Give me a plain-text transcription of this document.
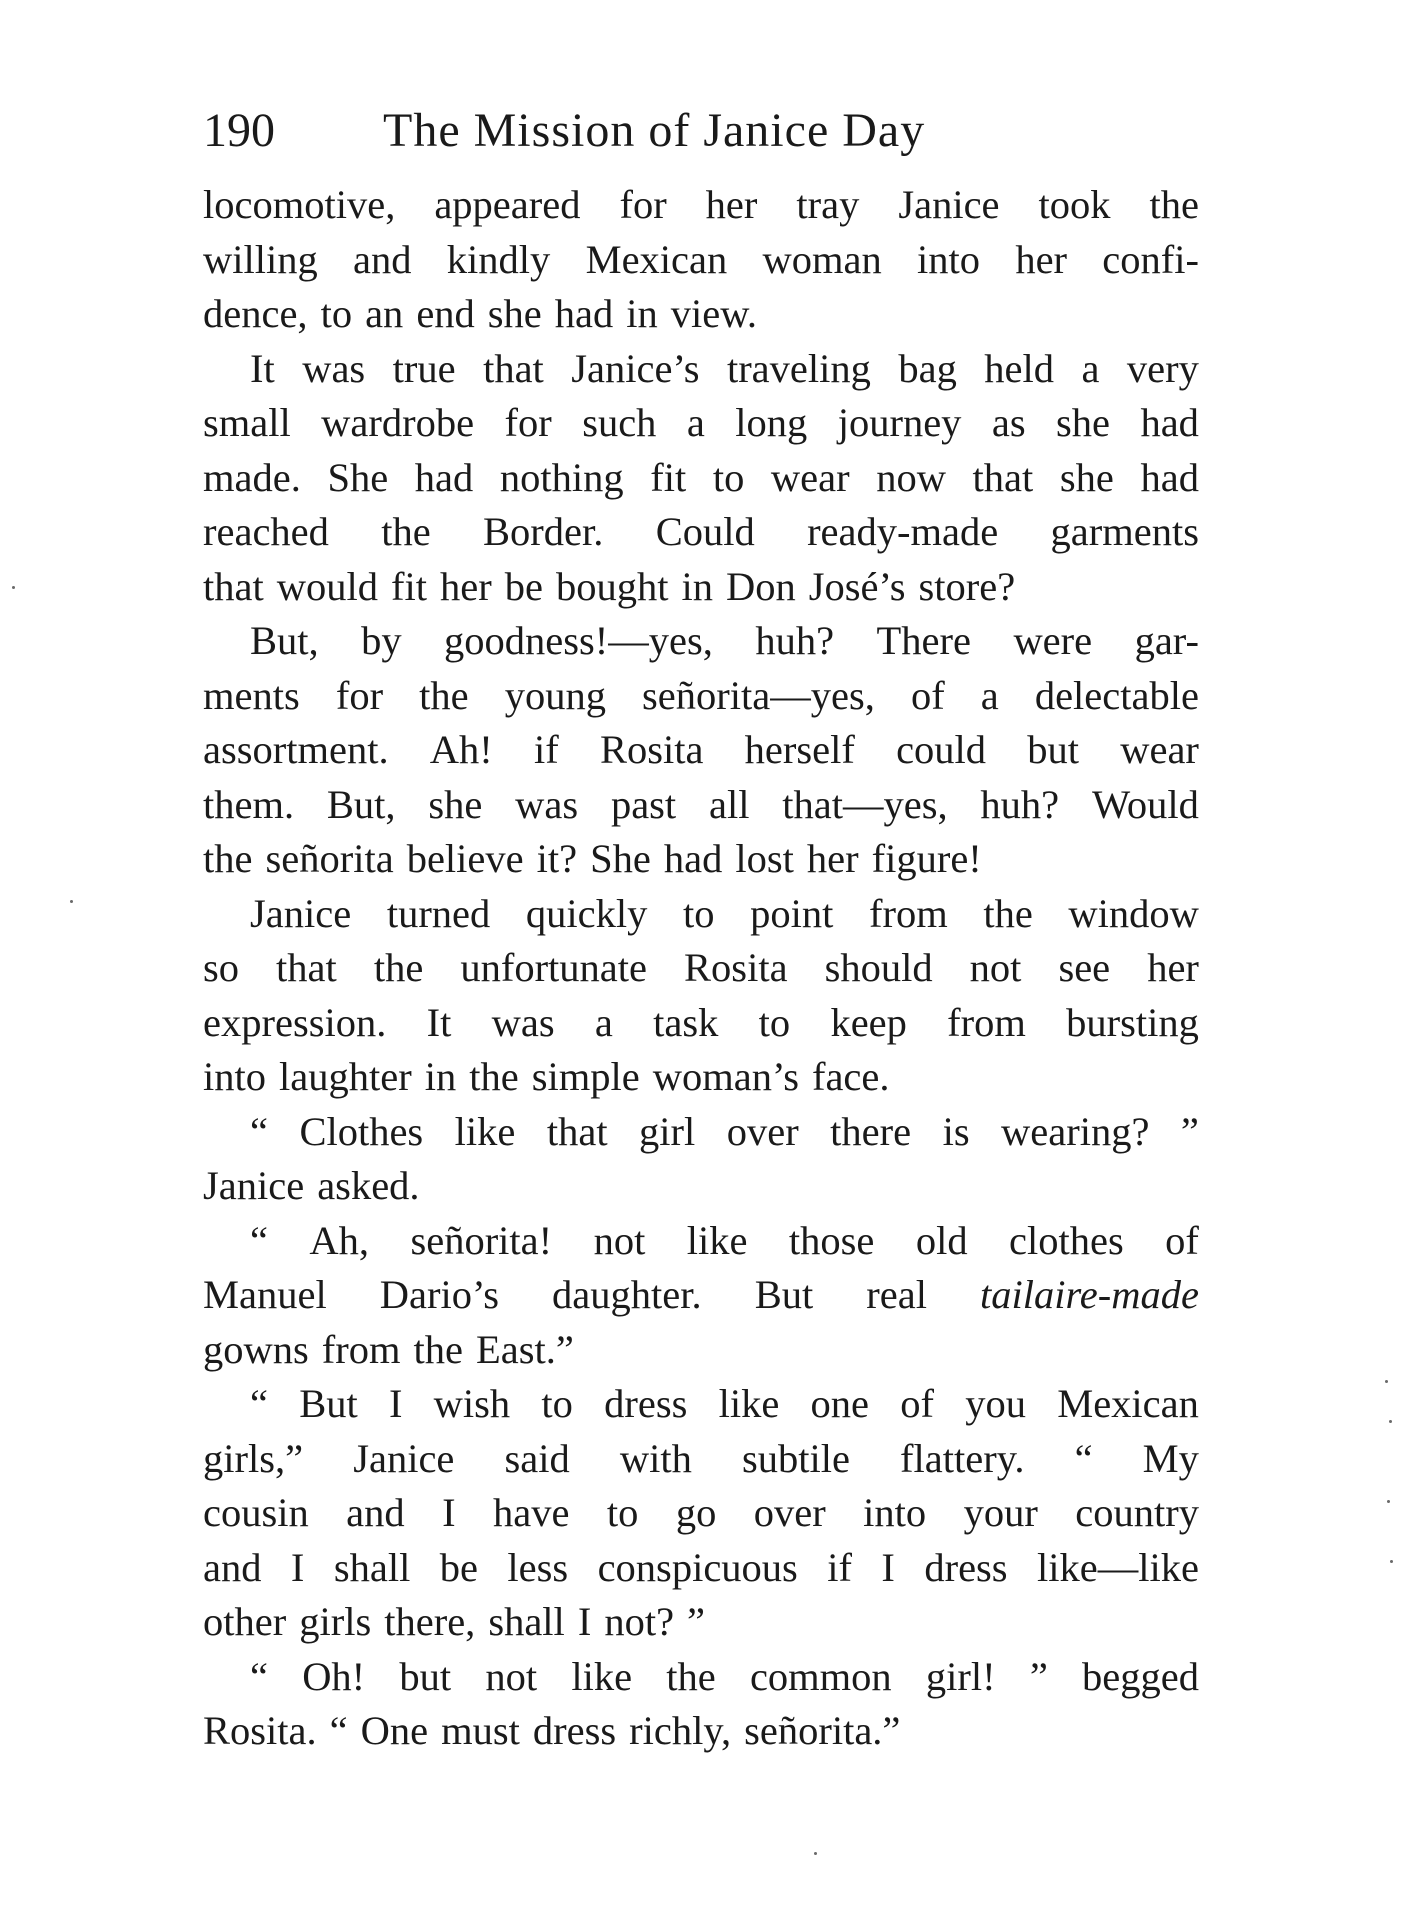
190 The Mission of Janice Day
locomotive, appeared for her tray Janice took the
willing and kindly Mexican woman into her confi-
dence, to an end she had in view.
It was true that Janice’s traveling bag held a very
small wardrobe for such a long journey as she had
made. She had nothing fit to wear now that she had
reached the Border. Could ready-made garments
that would fit her be bought in Don José’s store?
But, by goodness!—yes, huh? There were gar-
ments for the young señorita—yes, of a delectable
assortment. Ah! if Rosita herself could but wear
them. But, she was past all that—yes, huh? Would
the señorita believe it? She had lost her figure!
Janice turned quickly to point from the window
so that the unfortunate Rosita should not see her
expression. It was a task to keep from bursting
into laughter in the simple woman’s face.
“ Clothes like that girl over there is wearing? ”
Janice asked.
“ Ah, señorita! not like those old clothes of
Manuel Dario’s daughter. But real tailaire-made
gowns from the East.”
“ But I wish to dress like one of you Mexican
girls,” Janice said with subtile flattery. “ My
cousin and I have to go over into your country
and I shall be less conspicuous if I dress like—like
other girls there, shall I not? ”
“ Oh! but not like the common girl! ” begged
Rosita. “ One must dress richly, señorita.”
